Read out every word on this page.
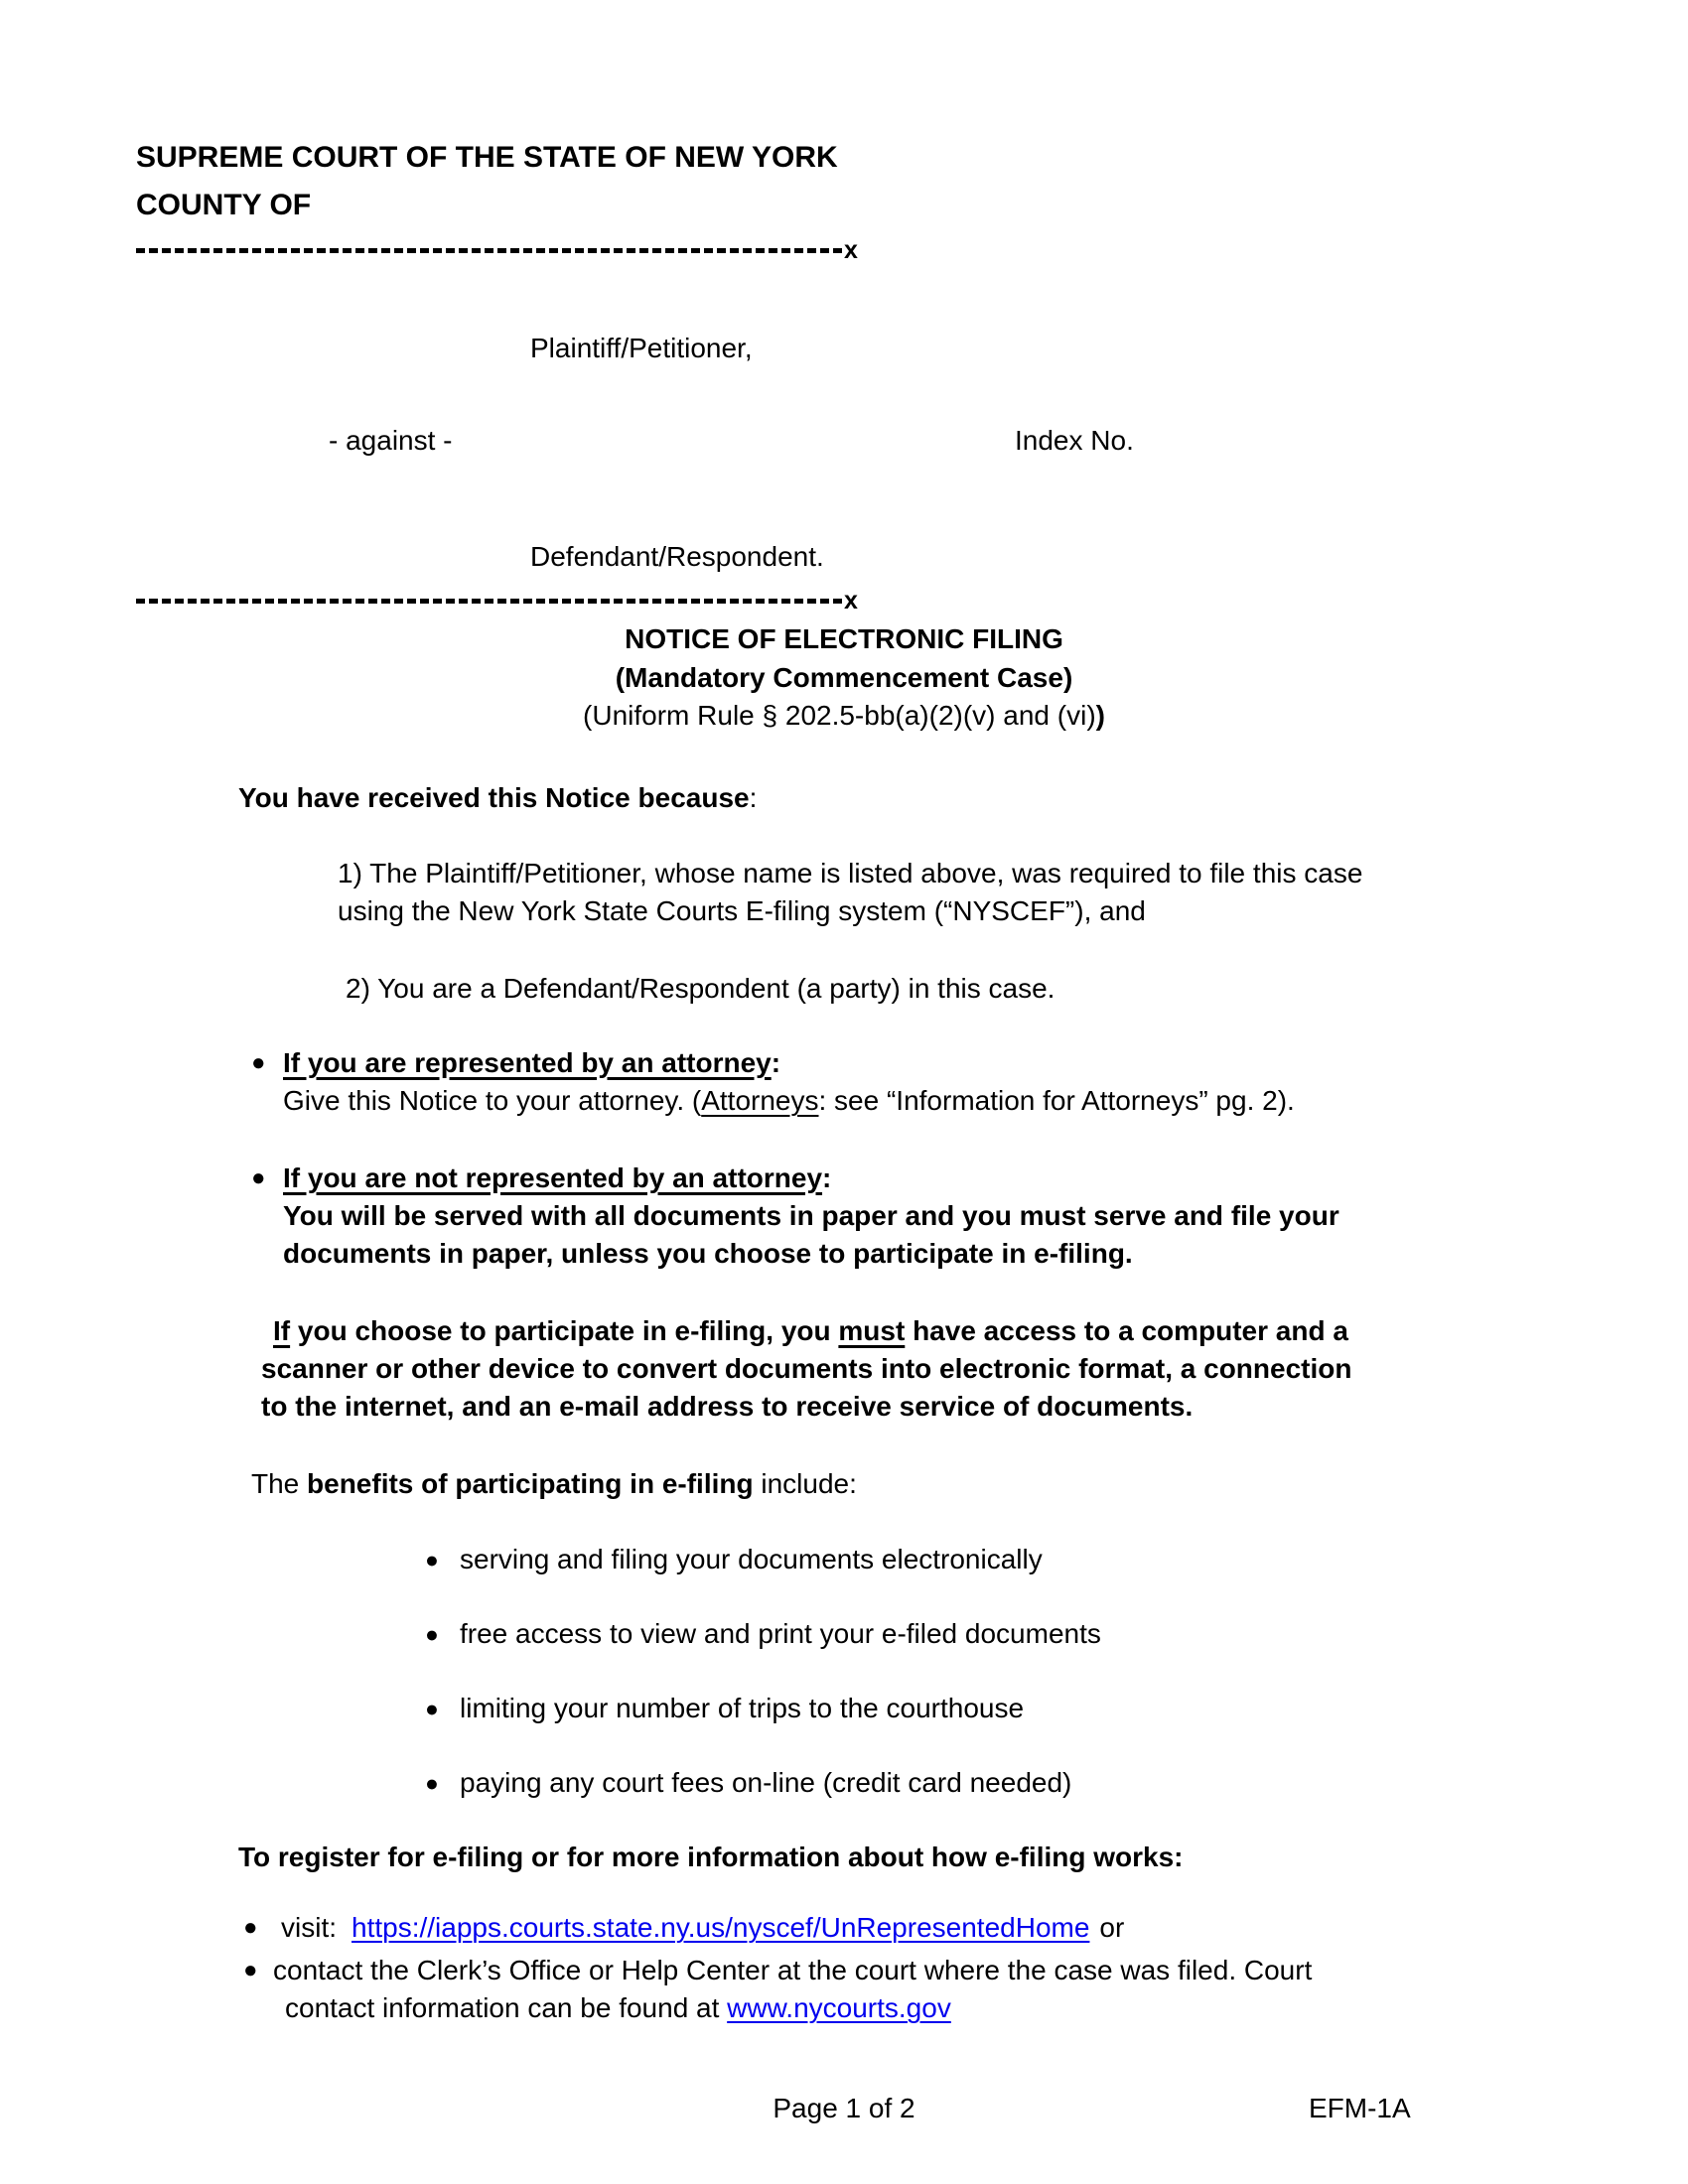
SUPREME COURT OF THE STATE OF NEW YORK
COUNTY OF
x
Plaintiff/Petitioner,
- against -	Index No.
Defendant/Respondent.
x
NOTICE OF ELECTRONIC FILING
(Mandatory Commencement Case)
(Uniform Rule § 202.5-bb(a)(2)(v) and (vi))
You have received this Notice because:
1) The Plaintiff/Petitioner, whose name is listed above, was required to file this case
using the New York State Courts E-filing system (“NYSCEF”), and
2) You are a Defendant/Respondent (a party) in this case.
● If you are represented by an attorney:
Give this Notice to your attorney. (Attorneys: see “Information for Attorneys” pg. 2).
● If you are not represented by an attorney:
You will be served with all documents in paper and you must serve and file your
documents in paper, unless you choose to participate in e-filing.
If you choose to participate in e-filing, you must have access to a computer and a
scanner or other device to convert documents into electronic format, a connection
to the internet, and an e-mail address to receive service of documents.
The benefits of participating in e-filing include:
● serving and filing your documents electronically
● free access to view and print your e-filed documents
● limiting your number of trips to the courthouse
● paying any court fees on-line (credit card needed)
To register for e-filing or for more information about how e-filing works:
● visit: https://iapps.courts.state.ny.us/nyscef/UnRepresentedHome or
● contact the Clerk’s Office or Help Center at the court where the case was filed. Court
contact information can be found at www.nycourts.gov
Page 1 of 2	EFM-1A
